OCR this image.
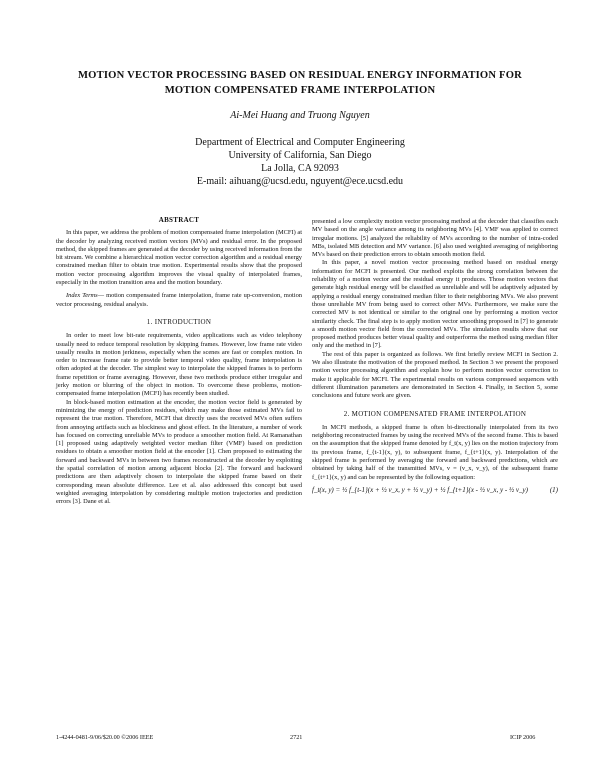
MOTION VECTOR PROCESSING BASED ON RESIDUAL ENERGY INFORMATION FOR
MOTION COMPENSATED FRAME INTERPOLATION
Ai-Mei Huang and Truong Nguyen
Department of Electrical and Computer Engineering
University of California, San Diego
La Jolla, CA 92093
E-mail: aihuang@ucsd.edu, nguyent@ece.ucsd.edu
ABSTRACT

In this paper, we address the problem of motion compensated frame interpolation (MCFI) at the decoder by analyzing received motion vectors (MVs) and residual error. In the proposed method, the skipped frames are generated at the decoder by using received information from the bit stream. We combine a hierarchical motion vector correction algorithm and a residual energy constrained median filter to obtain true motion. Experimental results show that the proposed motion vector processing algorithm improves the visual quality of interpolated frames, especially in the motion transition area and the motion boundary.

Index Terms— motion compensated frame interpolation, frame rate up-conversion, motion vector processing, residual analysis.

1. INTRODUCTION

In order to meet low bit-rate requirements, video applications such as video telephony usually need to reduce temporal resolution by skipping frames. However, low frame rate video usually results in motion jerkiness, especially when the scenes are fast or complex motion. In order to increase frame rate to provide better temporal video quality, frame interpolation is often adopted at the decoder. The simplest way to interpolate the skipped frames is to perform frame repetition or frame averaging. However, these two methods produce either irregular and jerky motion or blurring of the object in motion. To overcome these problems, motion-compensated frame interpolation (MCFI) has recently been studied.

In block-based motion estimation at the encoder, the motion vector field is generated by minimizing the energy of prediction residues, which may make those estimated MVs fail to represent the true motion. Therefore, MCFI that directly uses the received MVs often suffers from annoying artifacts such as blockiness and ghost effect. In the literature, a number of work has focused on correcting unreliable MVs to produce a smoother motion field. At Ramanathan [1] proposed using adaptively weighted vector median filter (VMF) based on prediction residues to obtain a smoother motion field at the encoder [1]. Chen proposed to estimating the forward and backward MVs in between two frames reconstructed at the decoder by exploiting the spatial correlation of motion among adjacent blocks [2]. The forward and backward predictions are then adaptively chosen to interpolate the skipped frame based on their corresponding mean absolute difference. Lee et al. also addressed this concept but used weighted averaging interpolation by considering multiple motion trajectories and prediction errors [3]. Dane et al.

presented a low complexity motion vector processing method at the decoder that classifies each MV based on the angle variance among its neighboring MVs [4]. VMF was applied to correct irregular motions. [5] analyzed the reliability of MVs according to the number of intra-coded MBs, isolated MB detection and MV variance. [6] also used weighted averaging of neighboring MVs based on their prediction errors to obtain smooth motion field.

In this paper, a novel motion vector processing method based on residual energy information for MCFI is presented. Our method exploits the strong correlation between the reliability of a motion vector and the residual energy it produces. Those motion vectors that generate high residual energy will be classified as unreliable and will be adaptively adjusted by applying a residual energy constrained median filter to their neighboring MVs. We also prevent those unreliable MV from being used to correct other MVs. Furthermore, we make sure the corrected MV is not identical or similar to the original one by performing a motion vector similarity check. The final step is to apply motion vector smoothing proposed in [7] to generate a smooth motion vector field from the corrected MVs. The simulation results show that our proposed method produces better visual quality and outperforms the method using median filter only and the method in [7].

The rest of this paper is organized as follows. We first briefly review MCFI in Section 2. We also illustrate the motivation of the proposed method. In Section 3 we present the proposed motion vector processing algorithm and explain how to perform motion vector correction to make it applicable for MCFI. The experimental results on various compressed sequences with different illumination parameters are demonstrated in Section 4. Finally, in Section 5, some conclusions and future work are given.

2. MOTION COMPENSATED FRAME INTERPOLATION

In MCFI methods, a skipped frame is often bi-directionally interpolated from its two neighboring reconstructed frames by using the received MVs of the second frame. This is based on the assumption that the skipped frame denoted by f_t(x, y) lies on the motion trajectory from its previous frame, f_{t-1}(x, y), to subsequent frame, f_{t+1}(x, y). Interpolation of the skipped frame is performed by averaging the forward and backward predictions, which are obtained by taking half of the transmitted MVs, v = (v_x, v_y), of the subsequent frame f_{t+1}(x, y) and can be represented by the following equation:

f_t(x, y) = ½ f_{t-1}(x + ½ v_x, y + ½ v_y) + ½ f_{t+1}(x - ½ v_x, y - ½ v_y)	(1)
1-4244-0481-9/06/$20.00 ©2006 IEEE	2721	ICIP 2006
